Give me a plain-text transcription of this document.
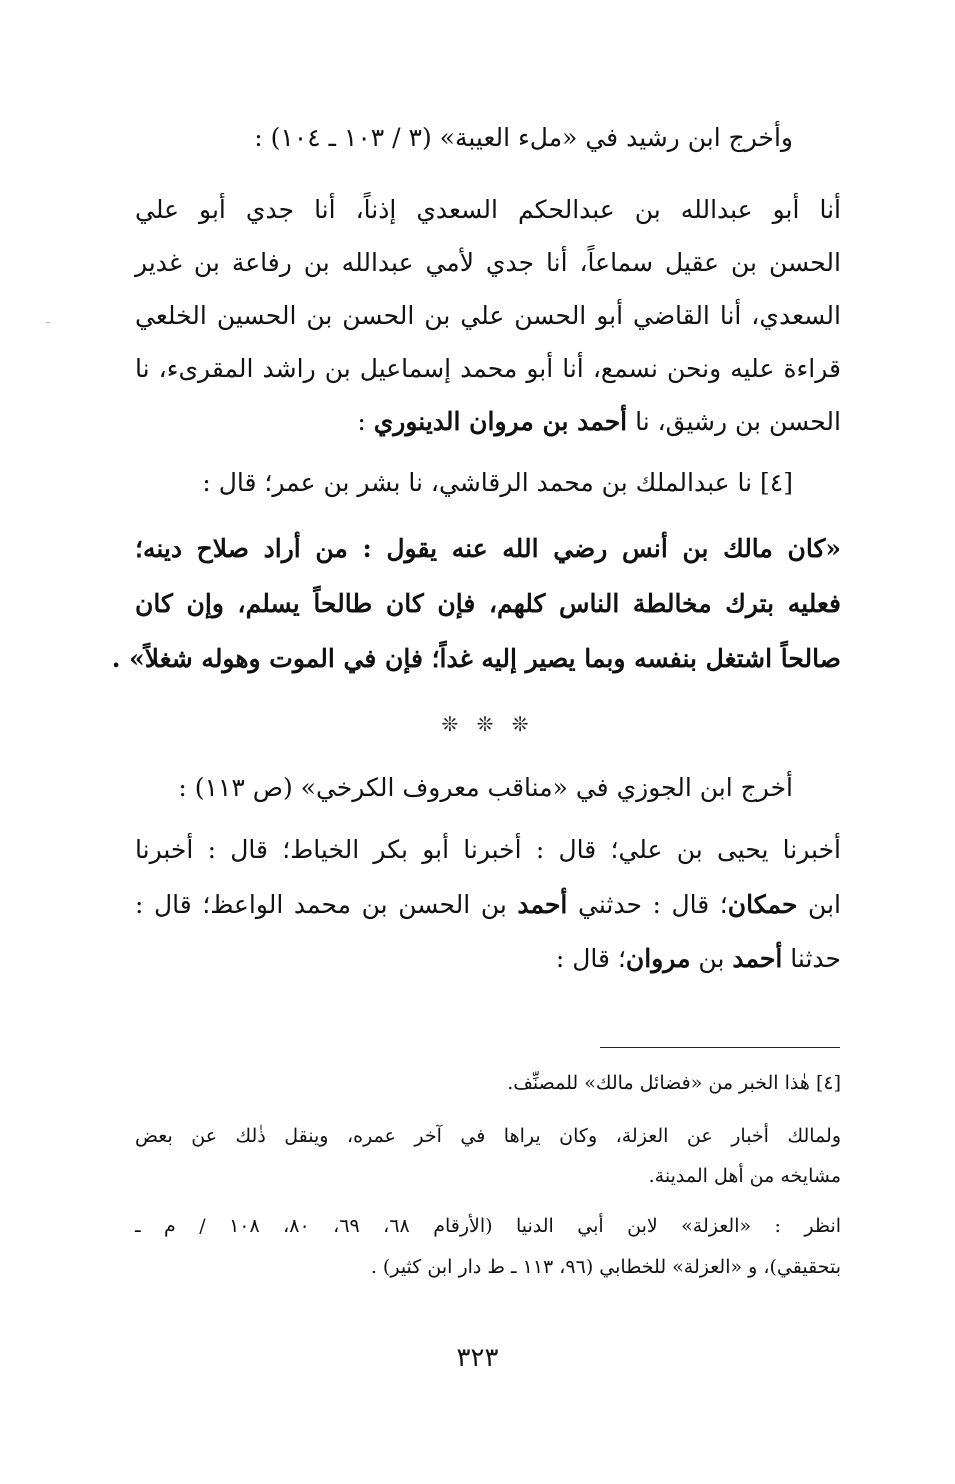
وأخرج ابن رشيد في «ملء العيبة» (٣ / ١٠٣ ـ ١٠٤) :
أنا أبو عبدالله بن عبدالحكم السعدي إذناً، أنا جدي أبو علي
الحسن بن عقيل سماعاً، أنا جدي لأمي عبدالله بن رفاعة بن غدير
السعدي، أنا القاضي أبو الحسن علي بن الحسن بن الحسين الخلعي
قراءة عليه ونحن نسمع، أنا أبو محمد إسماعيل بن راشد المقرىء، نا
الحسن بن رشيق، نا أحمد بن مروان الدينوري :
[٤] نا عبدالملك بن محمد الرقاشي، نا بشر بن عمر؛ قال :
«كان مالك بن أنس رضي الله عنه يقول : من أراد صلاح دينه؛
فعليه بترك مخالطة الناس كلهم، فإن كان طالحاً يسلم، وإن كان
صالحاً اشتغل بنفسه وبما يصير إليه غداً؛ فإن في الموت وهوله شغلاً» .
❊ ❊ ❊
أخرج ابن الجوزي في «مناقب معروف الكرخي» (ص ١١٣) :
أخبرنا يحيى بن علي؛ قال : أخبرنا أبو بكر الخياط؛ قال : أخبرنا
ابن حمكان؛ قال : حدثني أحمد بن الحسن بن محمد الواعظ؛ قال :
حدثنا أحمد بن مروان؛ قال :
[٤] هٰذا الخبر من «فضائل مالك» للمصنِّف.
ولمالك أخبار عن العزلة، وكان يراها في آخر عمره، وينقل ذٰلك عن بعض
مشايخه من أهل المدينة.
انظر : «العزلة» لابن أبي الدنيا (الأرقام ٦٨، ٦٩، ٨٠، ١٠٨ / م ـ
بتحقيقي)، و «العزلة» للخطابي (٩٦، ١١٣ ـ ط دار ابن كثير) .
٣٢٣
